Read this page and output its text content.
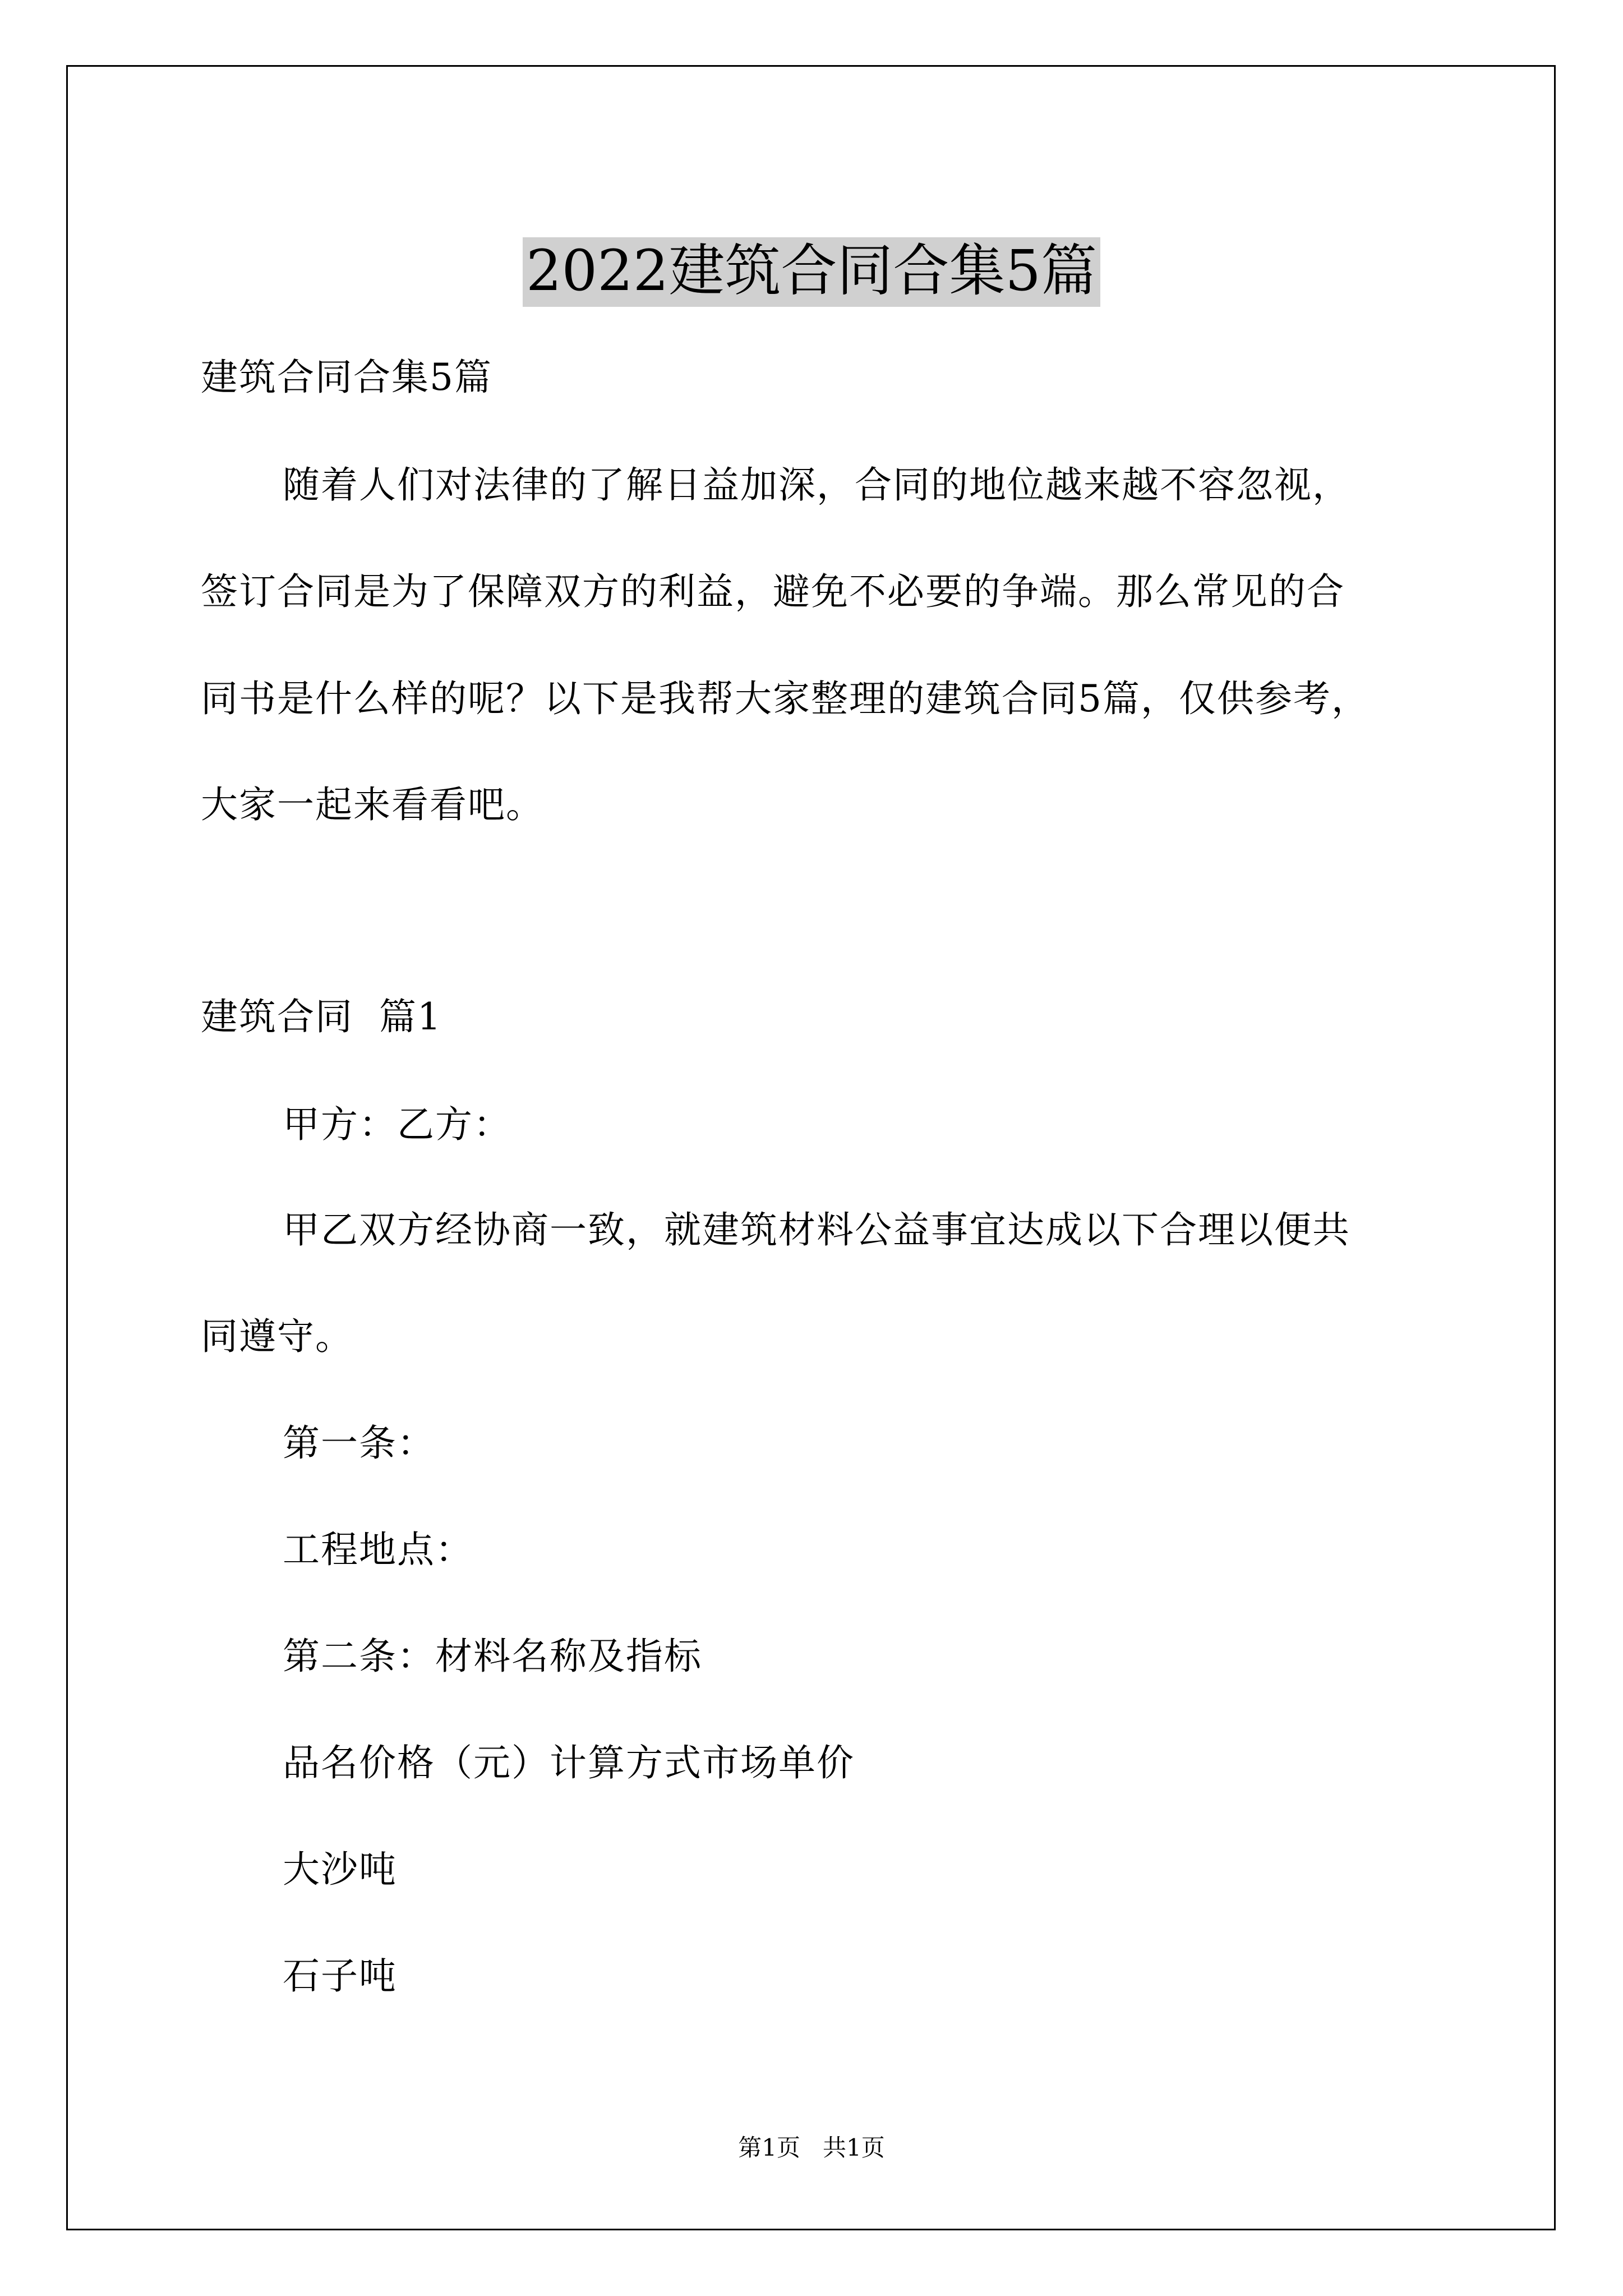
2022建筑合同合集5篇
建筑合同合集5篇
随着人们对法律的了解日益加深，合同的地位越来越不容忽视，
签订合同是为了保障双方的利益，避免不必要的争端。那么常见的合
同书是什么样的呢？以下是我帮大家整理的建筑合同5篇，仅供参考，
大家一起来看看吧。
建筑合同  篇1
甲方：乙方：
甲乙双方经协商一致，就建筑材料公益事宜达成以下合理以便共
同遵守。
第一条：
工程地点：
第二条：材料名称及指标
品名价格（元）计算方式市场单价
大沙吨
石子吨
第1页   共1页
